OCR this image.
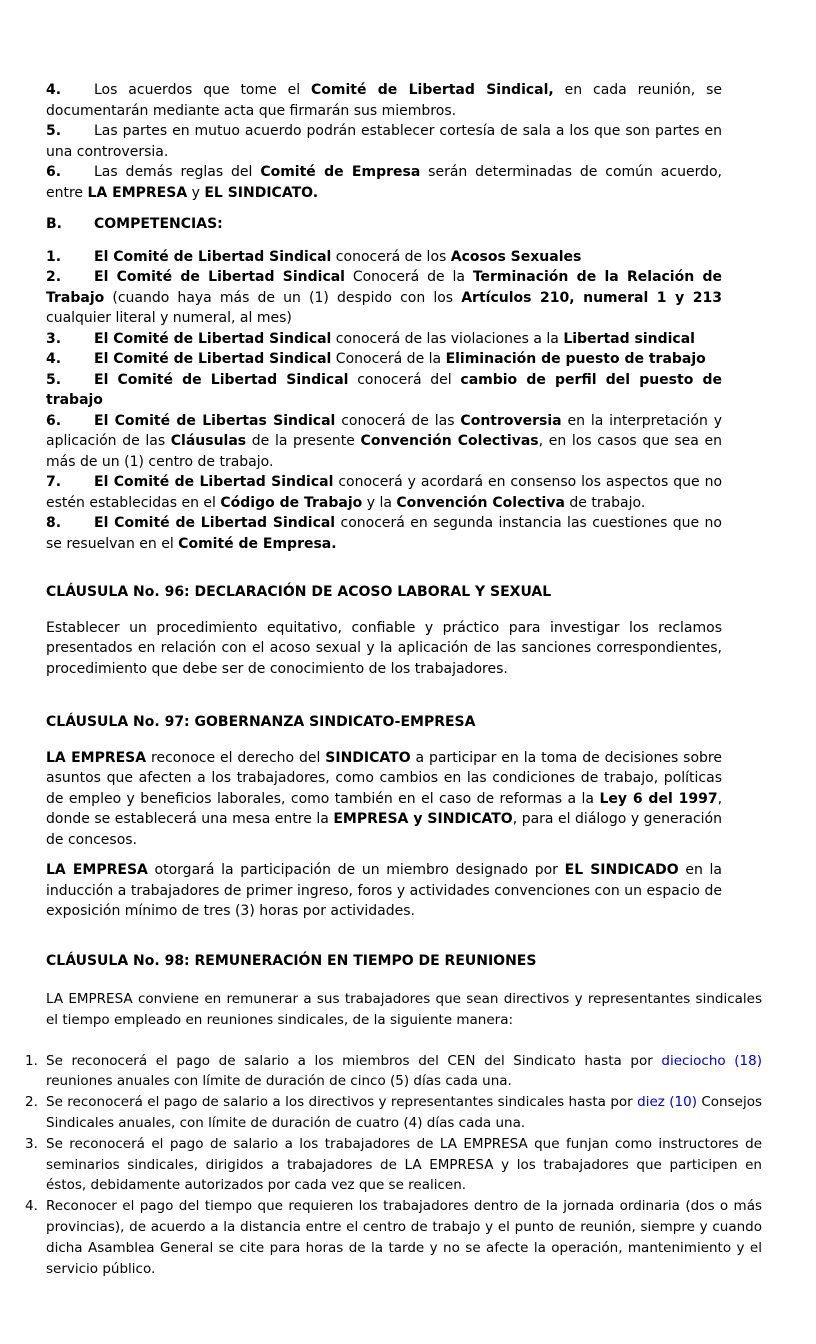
4. Los acuerdos que tome el Comité de Libertad Sindical, en cada reunión, se documentarán mediante acta que firmarán sus miembros.
5. Las partes en mutuo acuerdo podrán establecer cortesía de sala a los que son partes en una controversia.
6. Las demás reglas del Comité de Empresa serán determinadas de común acuerdo, entre LA EMPRESA y EL SINDICATO.
B. COMPETENCIAS:
1. El Comité de Libertad Sindical conocerá de los Acosos Sexuales
2. El Comité de Libertad Sindical Conocerá de la Terminación de la Relación de Trabajo (cuando haya más de un (1) despido con los Artículos 210, numeral 1 y 213 cualquier literal y numeral, al mes)
3. El Comité de Libertad Sindical conocerá de las violaciones a la Libertad sindical
4. El Comité de Libertad Sindical Conocerá de la Eliminación de puesto de trabajo
5. El Comité de Libertad Sindical conocerá del cambio de perfil del puesto de trabajo
6. El Comité de Libertas Sindical conocerá de las Controversia en la interpretación y aplicación de las Cláusulas de la presente Convención Colectivas, en los casos que sea en más de un (1) centro de trabajo.
7. El Comité de Libertad Sindical conocerá y acordará en consenso los aspectos que no estén establecidas en el Código de Trabajo y la Convención Colectiva de trabajo.
8. El Comité de Libertad Sindical conocerá en segunda instancia las cuestiones que no se resuelvan en el Comité de Empresa.
CLÁUSULA No. 96: DECLARACIÓN DE ACOSO LABORAL Y SEXUAL
Establecer un procedimiento equitativo, confiable y práctico para investigar los reclamos presentados en relación con el acoso sexual y la aplicación de las sanciones correspondientes, procedimiento que debe ser de conocimiento de los trabajadores.
CLÁUSULA No. 97: GOBERNANZA SINDICATO-EMPRESA
LA EMPRESA reconoce el derecho del SINDICATO a participar en la toma de decisiones sobre asuntos que afecten a los trabajadores, como cambios en las condiciones de trabajo, políticas de empleo y beneficios laborales, como también en el caso de reformas a la Ley 6 del 1997, donde se establecerá una mesa entre la EMPRESA y SINDICATO, para el diálogo y generación de concesos.
LA EMPRESA otorgará la participación de un miembro designado por EL SINDICADO en la inducción a trabajadores de primer ingreso, foros y actividades convenciones con un espacio de exposición mínimo de tres (3) horas por actividades.
CLÁUSULA No. 98: REMUNERACIÓN EN TIEMPO DE REUNIONES
LA EMPRESA conviene en remunerar a sus trabajadores que sean directivos y representantes sindicales el tiempo empleado en reuniones sindicales, de la siguiente manera:
1. Se reconocerá el pago de salario a los miembros del CEN del Sindicato hasta por dieciocho (18) reuniones anuales con límite de duración de cinco (5) días cada una.
2. Se reconocerá el pago de salario a los directivos y representantes sindicales hasta por diez (10) Consejos Sindicales anuales, con límite de duración de cuatro (4) días cada una.
3. Se reconocerá el pago de salario a los trabajadores de LA EMPRESA que funjan como instructores de seminarios sindicales, dirigidos a trabajadores de LA EMPRESA y los trabajadores que participen en éstos, debidamente autorizados por cada vez que se realicen.
4. Reconocer el pago del tiempo que requieren los trabajadores dentro de la jornada ordinaria (dos o más provincias), de acuerdo a la distancia entre el centro de trabajo y el punto de reunión, siempre y cuando dicha Asamblea General se cite para horas de la tarde y no se afecte la operación, mantenimiento y el servicio público.
